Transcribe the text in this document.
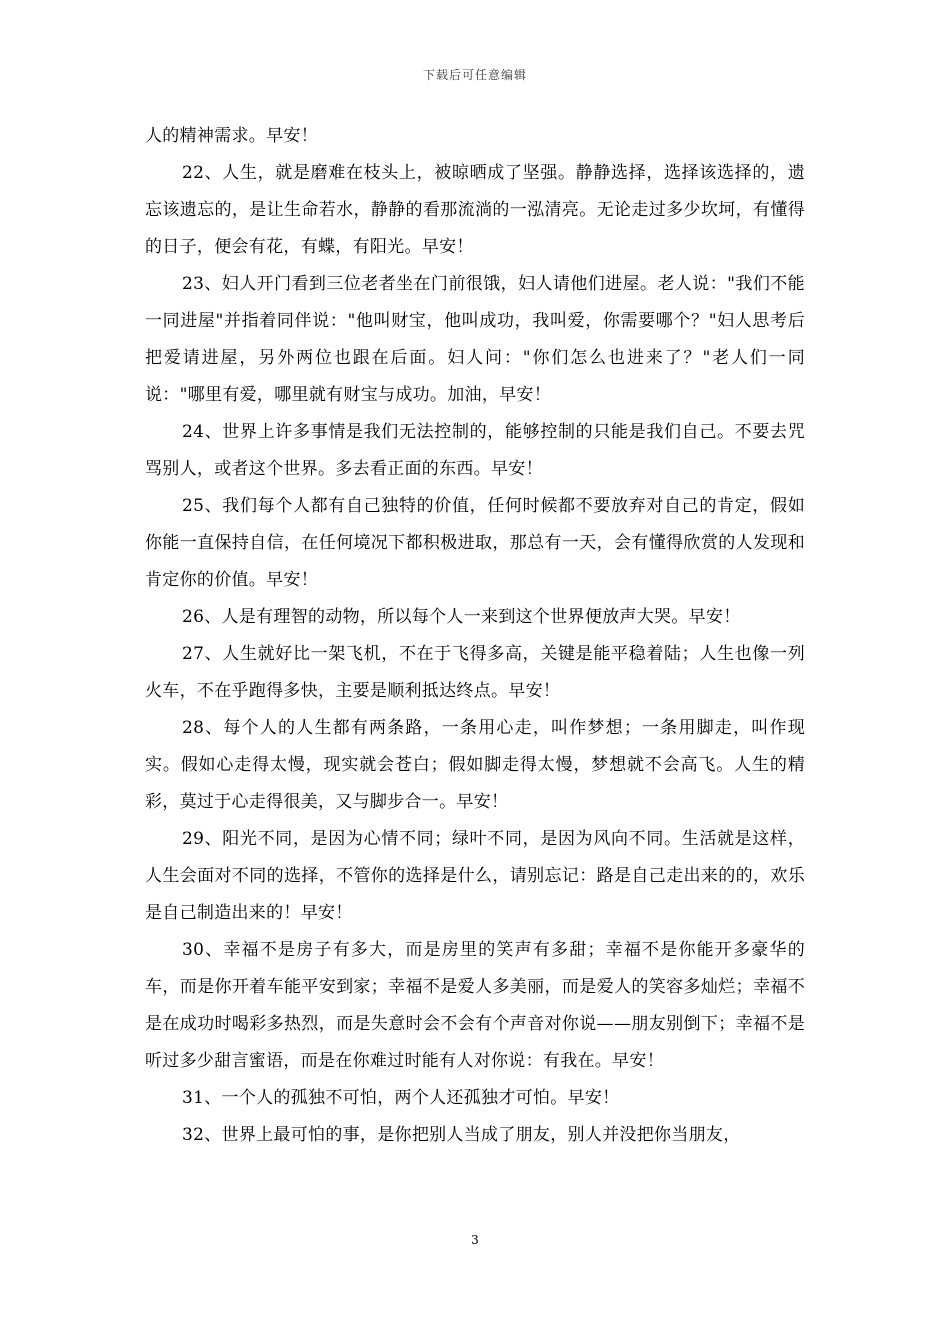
下载后可任意编辑

人的精神需求。早安！

22、人生，就是磨难在枝头上，被晾晒成了坚强。静静选择，选择该选择的，遗忘该遗忘的，是让生命若水，静静的看那流淌的一泓清亮。无论走过多少坎坷，有懂得的日子，便会有花，有蝶，有阳光。早安！

23、妇人开门看到三位老者坐在门前很饿，妇人请他们进屋。老人说："我们不能一同进屋"并指着同伴说："他叫财宝，他叫成功，我叫爱，你需要哪个？"妇人思考后把爱请进屋，另外两位也跟在后面。妇人问："你们怎么也进来了？"老人们一同说："哪里有爱，哪里就有财宝与成功。加油，早安！

24、世界上许多事情是我们无法控制的，能够控制的只能是我们自己。不要去咒骂别人，或者这个世界。多去看正面的东西。早安！

25、我们每个人都有自己独特的价值，任何时候都不要放弃对自己的肯定，假如你能一直保持自信，在任何境况下都积极进取，那总有一天，会有懂得欣赏的人发现和肯定你的价值。早安！

26、人是有理智的动物，所以每个人一来到这个世界便放声大哭。早安！

27、人生就好比一架飞机，不在于飞得多高，关键是能平稳着陆；人生也像一列火车，不在乎跑得多快，主要是顺利抵达终点。早安！

28、每个人的人生都有两条路，一条用心走，叫作梦想；一条用脚走，叫作现实。假如心走得太慢，现实就会苍白；假如脚走得太慢，梦想就不会高飞。人生的精彩，莫过于心走得很美，又与脚步合一。早安！

29、阳光不同，是因为心情不同；绿叶不同，是因为风向不同。生活就是这样，人生会面对不同的选择，不管你的选择是什么，请别忘记：路是自己走出来的的，欢乐是自己制造出来的！早安！

30、幸福不是房子有多大，而是房里的笑声有多甜；幸福不是你能开多豪华的车，而是你开着车能平安到家；幸福不是爱人多美丽，而是爱人的笑容多灿烂；幸福不是在成功时喝彩多热烈，而是失意时会不会有个声音对你说——朋友别倒下；幸福不是听过多少甜言蜜语，而是在你难过时能有人对你说：有我在。早安！

31、一个人的孤独不可怕，两个人还孤独才可怕。早安！

32、世界上最可怕的事，是你把别人当成了朋友，别人并没把你当朋友，

3
